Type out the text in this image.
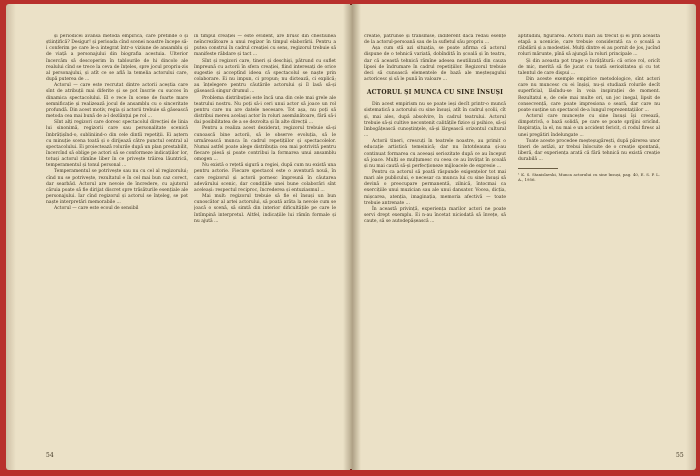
și periodicei avansă metoda empirică, care pretinde o și științifică? Desigur! și perioada cînd scenei noastre începe să-i conferim pe care le-a integrat într-o viziune de ansamblu și de viață a personajului din biografia acestuia. Ulterior încercăm să descoperim în tablourile de hi dincolo ale realului cînd se trece la ceva de înțeles, spre jocul propriu-zis al personajului, și atît ce se află la temelia actorului care, după puterea de ...

Actorul — care este recrutat dintre actorii aceștia care sînt de atribuții mai diferite și se pot înscrie cu succes în dinamica spectacolului. El e rece în scene de foarte mare semnificație și realizează jocul de ansamblu cu o sinceritate profundă. Din acest motiv, regia și actorii trebuie să găsească metoda cea mai bună de a-l dezlănțui pe rol ...

Sînt alți regizori care doresc spectacolul direcției de linia lui sinonimă, regizorii care sau personalitate scenică îmbrățișînd-o, subliniind-o din cele dintîi repetiții. Ei aștern cu minuție scena toată și o dirijează către punctul central al spectacolului. Ei proiectează rolurile după un plan prestabilit, încercînd să oblige pe actori să se conformeze indicațiilor lor, totuși actorul rămîne liber în ce privește trăirea lăuntrică, temperamentul și tonul personal ...

Temperamentul se potrivește sau nu cu cel al regizorului; cînd nu se potrivește, rezultatul e în cel mai bun caz corect, dar searbăd. Actorul are nevoie de încredere, cu ajutorul căruia poate să fie dirijat discret spre trăsăturile esențiale ale personajului. Iar cînd regizorul și actorul se înțeleg, se pot naște interpretări memorabile ...

Actorul — care este ecoul de sensibil

în timpul creației — este evident, are brusc din chestiunea neîncrezătoare a unui regizor în timpul elaborării. Pentru a putea construi în cadrul creației cu sens, regizorul trebuie să manifeste răbdare și tact ...

Sînt și regizori care, tineri și deschiși, pătrund cu suflet împreună cu actorii în sfera creației, fiind interesați de orice sugestie și acceptînd ideea că spectacolul se naște prin colaborare. Ei nu impun, ci propun; nu dictează, ci explică; au înțelegere pentru căutările actorului și îl lasă să-și găsească singur drumul ...

Problema distribuției este încă una din cele mai grele ale teatrului nostru. Nu poți să-i ceri unui actor să joace un rol pentru care nu are datele necesare. Tot așa, nu poți să distribui mereu același actor în roluri asemănătoare, fără să-i dai posibilitatea de a se dezvolta și în alte direcții ...

Pentru a realiza acest deziderat, regizorul trebuie să-și cunoască bine actorii, să le observe evoluția, să le urmărească munca în cadrul repetițiilor și spectacolelor. Numai astfel poate alege distribuția cea mai potrivită pentru fiecare piesă și poate contribui la formarea unui ansamblu omogen ...

Nu există o rețetă sigură a regiei, după cum nu există una pentru actorie. Fiecare spectacol este o aventură nouă, în care regizorul și actorii pornesc împreună în căutarea adevărului scenic, dar condițiile unei bune colaborări sînt aceleași: respectul reciproc, încrederea și entuziasmul ...

Mai mult: regizorul trebuie să fie el însuși un bun cunoscător al artei actorului, să poată arăta la nevoie cum se joacă o scenă, să simtă din interior dificultățile pe care le întîmpină interpretul. Altfel, indicațiile lui rămîn formale și nu ajută ...

54

creatie, pătrunse și transmise, indiferent dacă redau esențe de la actorul-persoană sau de la sufletul său propriu ...

Așa cum stă azi situația, se poate afirma că actorul dispune de o tehnică variată, dobîndită în școală și în teatru, dar că această tehnică rămîne adesea neutilizată din cauza lipsei de îndrumare în cadrul repetițiilor. Regizorul trebuie deci să cunoască elementele de bază ale meșteșugului actoricesc și să le pună în valoare ...

ACTORUL ȘI MUNCA CU SINE ÎNSUȘI

Din acest empirism nu se poate ieși decît printr-o muncă sistematică a actorului cu sine însuși, atît în cadrul școlii, cît și, mai ales, după absolvire, în cadrul teatrului. Actorul trebuie să-și cultive necontenit calitățile fizice și psihice, să-și îmbogățească cunoștințele, să-și lărgească orizontul cultural ...

Actorii tineri, crescuți în teatrele noastre, au primit o educație artistică temeinică; dar nu întotdeauna și-au continuat formarea cu aceeași seriozitate după ce au început să joace. Mulți se mulțumesc cu ceea ce au învățat în școală și nu mai caută să-și perfecționeze mijloacele de expresie ...

Pentru ca actorul să poată răspunde exigențelor tot mai mari ale publicului, e necesar ca munca lui cu sine însuși să devină o preocupare permanentă, zilnică, întocmai ca exercițiile unui muzician sau ale unui dansator. Vocea, dicția, mișcarea, atenția, imaginația, memoria afectivă — toate trebuie antrenate ...

În această privință, experiența marilor actori ne poate servi drept exemplu. Ei n-au încetat niciodată să învețe, să caute, să se autodepășească ...

aptitudini, figurarea. Actorii mari au trecut și ei prin această etapă a ucenicie, care trebuie considerată ca o școală a răbdării și a modestiei. Mulți dintre ei au pornit de jos, jucînd roluri mărunte, pînă să ajungă la roluri principale ...

Și din aceasta pot trage o învățătură: că orice rol, oricît de mic, merită să fie jucat cu toată seriozitatea și cu tot talentul de care dispui ...

Din aceste exemple empirice metodologice, sînt actori care nu muncesc cu ei înșiși, nu-și studiază rolurile decît superficial, lăsîndu-se în voia inspirației de moment. Rezultatul e, de cele mai multe ori, un joc inegal, lipsit de consecvență, care poate impresiona o seară, dar care nu poate susține un spectacol de-a lungul reprezentațiilor ...

Actorul care muncește cu sine însuși își creează, dimpotrivă, o bază solidă, pe care se poate sprijini oricînd. Inspirația, la el, nu mai e un accident fericit, ci rodul firesc al unei pregătiri îndelungate ...

Toate aceste procedee meșteșugărești, după părerea unor tineri de astăzi, ar trebui înlocuite de o creație spontană, liberă, dar experiența arată că fără tehnică nu există creație durabilă ...

¹ K. S. Stanislavski, Munca actorului cu sine însuși, pag. 40, E. S. P. L. A., 1956.

55
